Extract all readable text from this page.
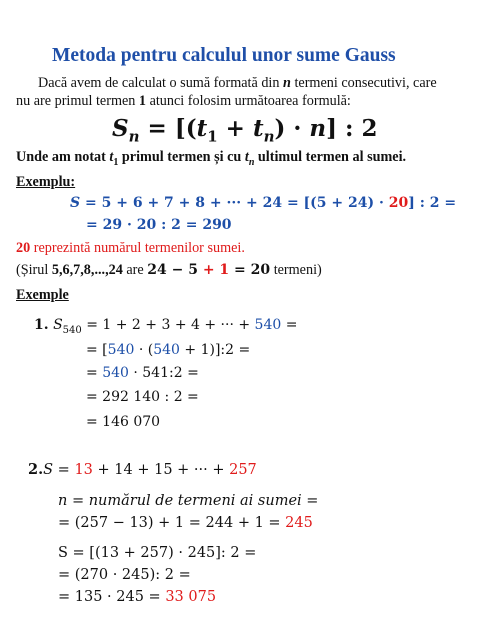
Metoda pentru calculul unor sume Gauss
Dacă avem de calculat o sumă formată din n termeni consecutivi, care
nu are primul termen 1 atunci folosim următoarea formulă:
$S_n = [(t_1 + t_n) \cdot n]$ : 2
Unde am notat $t_1$ primul termen și cu $t_n$ ultimul termen al sumei.
Exemplu:
S = 5 + 6 + 7 + 8 + ··· + 24 = [(5 + 24) · 20] : 2 =
= 29 · 20 : 2 = 290
20 reprezintă numărul termenilor sumei.
(Șirul 5,6,7,8,...,24 are 24 − 5 + 1 = 20 termeni)
Exemple
1. $S_{540} = 1 + 2 + 3 + 4$ + ··· + 540 =
= [540 · (540 + 1)]:2 =
= 540 · 541:2 =
= 292 140 : 2 =
= 146 070
2.S = 13 + 14 + 15 + ··· + 257
n = numărul de termeni ai sumei =
= (257 − 13) + 1 = 244 + 1 = 245
S = [(13 + 257) · 245]: 2 =
= (270 · 245): 2 =
= 135 · 245 = 33 075
